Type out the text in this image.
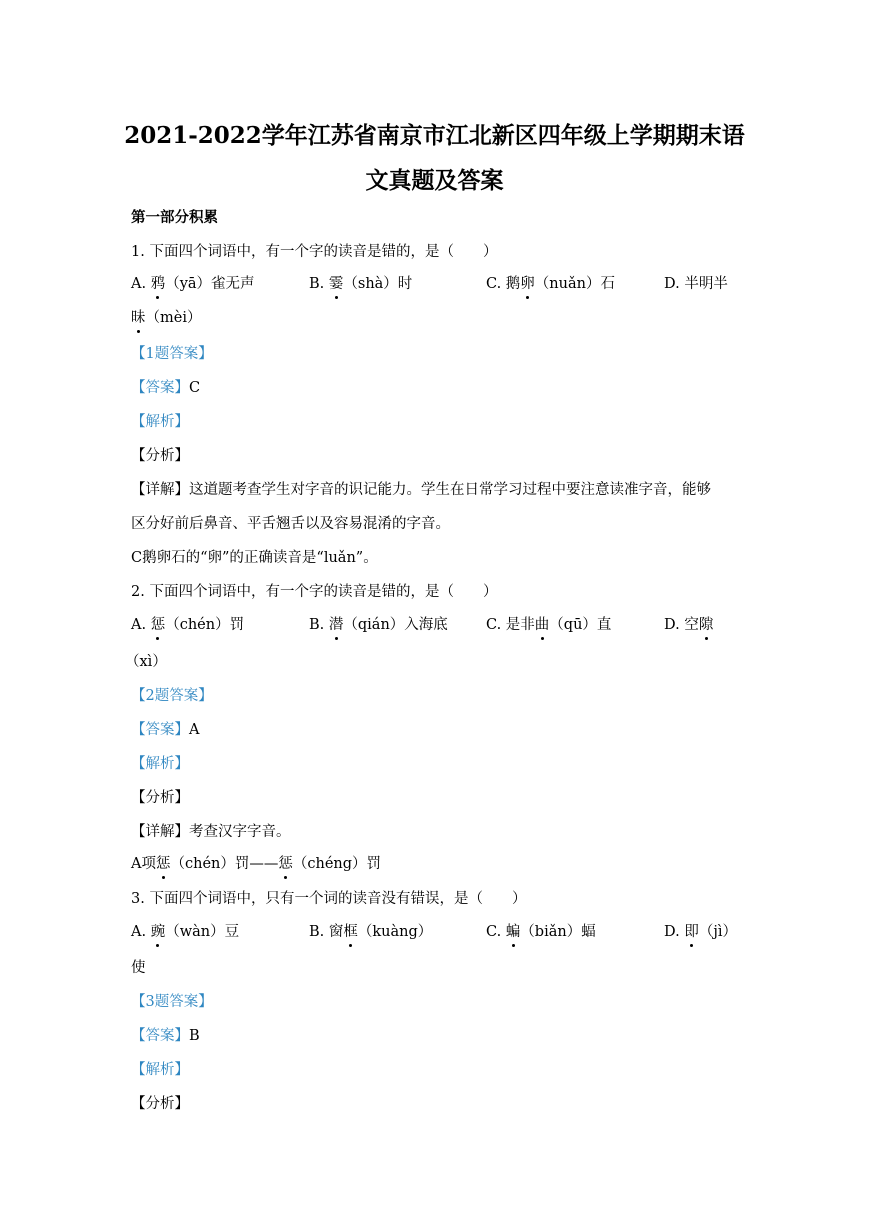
2021-2022学年江苏省南京市江北新区四年级上学期期末语
文真题及答案
第一部分积累
1. 下面四个词语中，有一个字的读音是错的，是（　　）
A. 鸦（yā）雀无声	B. 霎（shà）时	C. 鹅卵（nuǎn）石	D. 半明半
昧（mèi）
【1题答案】
【答案】C
【解析】
【分析】
【详解】这道题考查学生对字音的识记能力。学生在日常学习过程中要注意读准字音，能够
区分好前后鼻音、平舌翘舌以及容易混淆的字音。
C鹅卵石的“卵”的正确读音是“luǎn”。
2. 下面四个词语中，有一个字的读音是错的，是（　　）
A. 惩（chén）罚	B. 潜（qián）入海底	C. 是非曲（qū）直	D. 空隙
（xì）
【2题答案】
【答案】A
【解析】
【分析】
【详解】考查汉字字音。
A项惩（chén）罚——惩（chéng）罚
3. 下面四个词语中，只有一个词的读音没有错误，是（　　）
A. 豌（wàn）豆	B. 窗框（kuàng）	C. 蝙（biǎn）蝠	D. 即（jì）
使
【3题答案】
【答案】B
【解析】
【分析】
